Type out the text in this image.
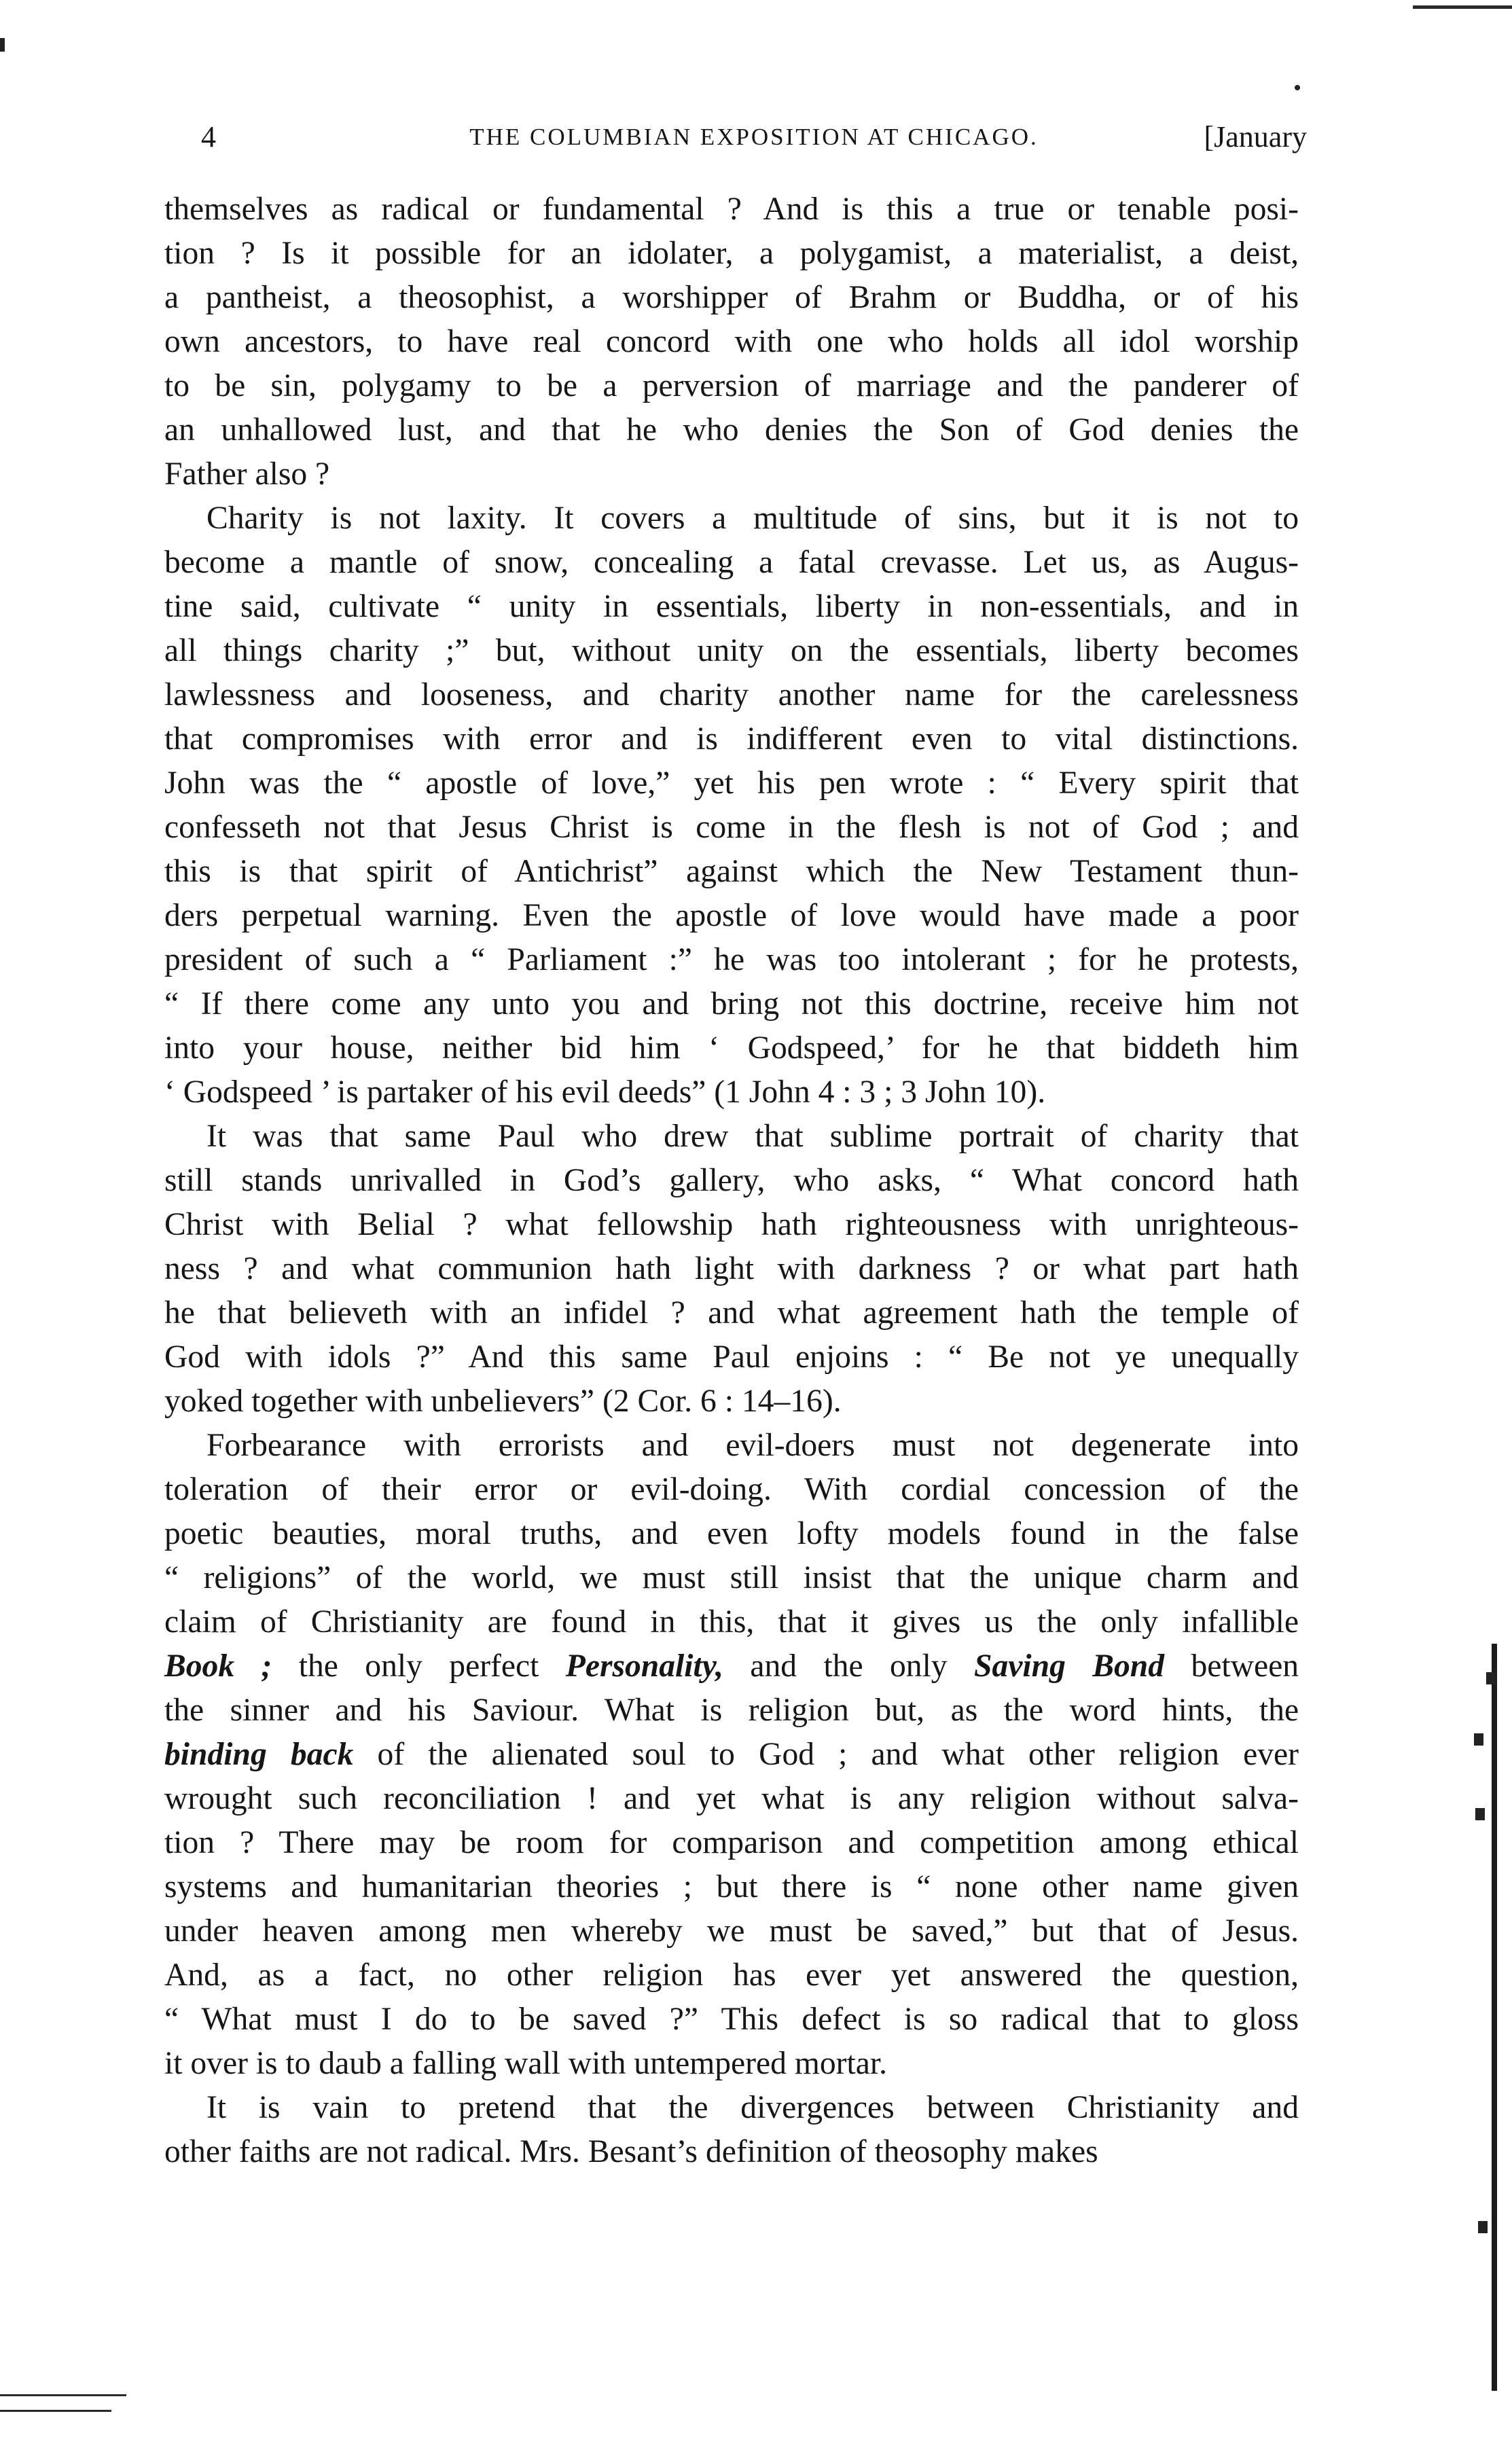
4	THE COLUMBIAN EXPOSITION AT CHICAGO.	[January
themselves as radical or fundamental ? And is this a true or tenable posi-
tion ? Is it possible for an idolater, a polygamist, a materialist, a deist,
a pantheist, a theosophist, a worshipper of Brahm or Buddha, or of his
own ancestors, to have real concord with one who holds all idol worship
to be sin, polygamy to be a perversion of marriage and the panderer of
an unhallowed lust, and that he who denies the Son of God denies the
Father also ?
Charity is not laxity. It covers a multitude of sins, but it is not to
become a mantle of snow, concealing a fatal crevasse. Let us, as Augus-
tine said, cultivate “ unity in essentials, liberty in non-essentials, and in
all things charity ;” but, without unity on the essentials, liberty becomes
lawlessness and looseness, and charity another name for the carelessness
that compromises with error and is indifferent even to vital distinctions.
John was the “ apostle of love,” yet his pen wrote : “ Every spirit that
confesseth not that Jesus Christ is come in the flesh is not of God ; and
this is that spirit of Antichrist” against which the New Testament thun-
ders perpetual warning. Even the apostle of love would have made a poor
president of such a “ Parliament :” he was too intolerant ; for he protests,
“ If there come any unto you and bring not this doctrine, receive him not
into your house, neither bid him ‘ Godspeed,’ for he that biddeth him
‘ Godspeed ’ is partaker of his evil deeds” (1 John 4 : 3 ; 3 John 10).
It was that same Paul who drew that sublime portrait of charity that
still stands unrivalled in God’s gallery, who asks, “ What concord hath
Christ with Belial ? what fellowship hath righteousness with unrighteous-
ness ? and what communion hath light with darkness ? or what part hath
he that believeth with an infidel ? and what agreement hath the temple of
God with idols ?” And this same Paul enjoins : “ Be not ye unequally
yoked together with unbelievers” (2 Cor. 6 : 14–16).
Forbearance with errorists and evil-doers must not degenerate into
toleration of their error or evil-doing. With cordial concession of the
poetic beauties, moral truths, and even lofty models found in the false
“ religions” of the world, we must still insist that the unique charm and
claim of Christianity are found in this, that it gives us the only infallible
Book ; the only perfect Personality, and the only Saving Bond between
the sinner and his Saviour. What is religion but, as the word hints, the
binding back of the alienated soul to God ; and what other religion ever
wrought such reconciliation ! and yet what is any religion without salva-
tion ? There may be room for comparison and competition among ethical
systems and humanitarian theories ; but there is “ none other name given
under heaven among men whereby we must be saved,” but that of Jesus.
And, as a fact, no other religion has ever yet answered the question,
“ What must I do to be saved ?” This defect is so radical that to gloss
it over is to daub a falling wall with untempered mortar.
It is vain to pretend that the divergences between Christianity and
other faiths are not radical. Mrs. Besant’s definition of theosophy makes
